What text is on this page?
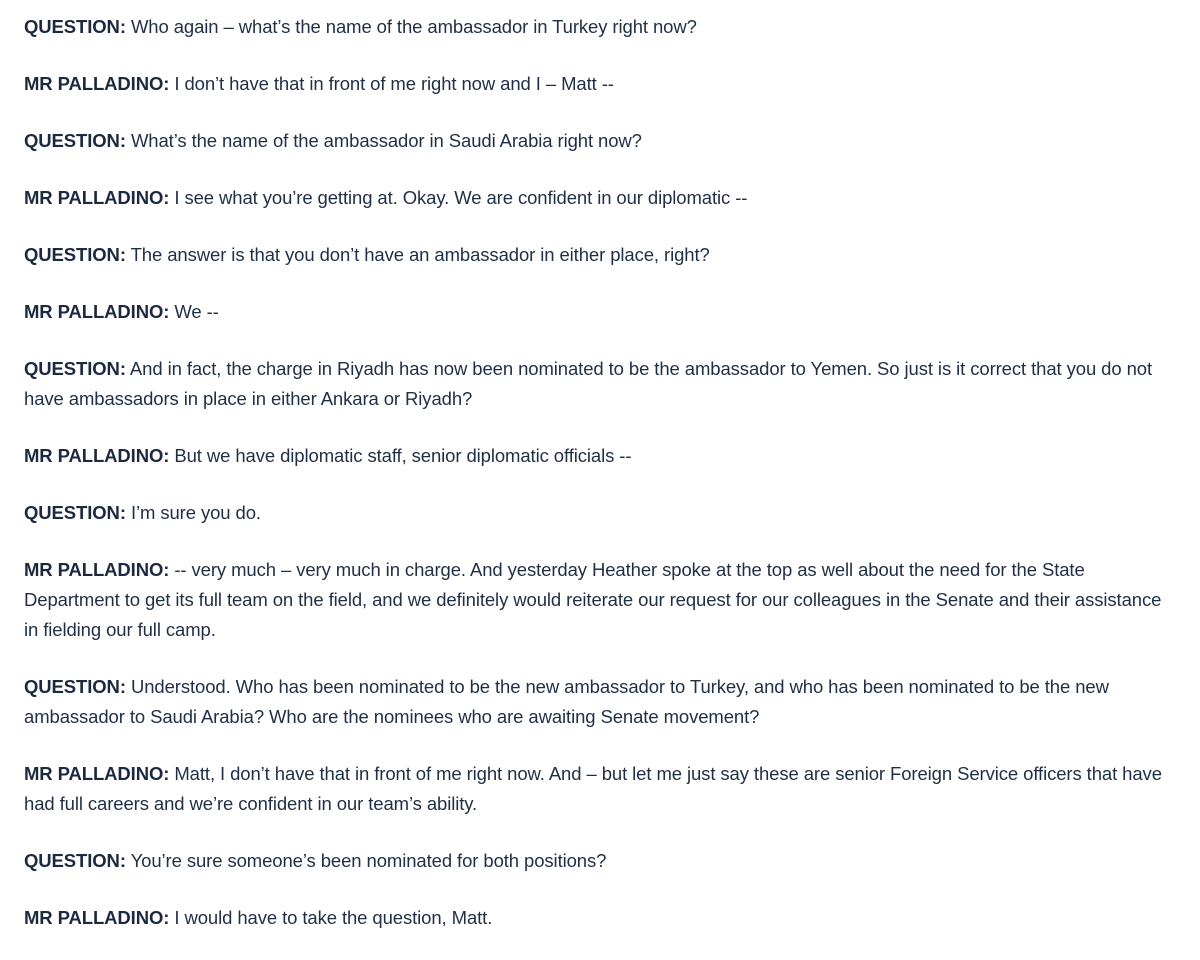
QUESTION: Who again – what’s the name of the ambassador in Turkey right now?

MR PALLADINO: I don’t have that in front of me right now and I – Matt --

QUESTION: What’s the name of the ambassador in Saudi Arabia right now?

MR PALLADINO: I see what you’re getting at. Okay. We are confident in our diplomatic --

QUESTION: The answer is that you don’t have an ambassador in either place, right?

MR PALLADINO: We --

QUESTION: And in fact, the charge in Riyadh has now been nominated to be the ambassador to Yemen. So just is it correct that you do not have ambassadors in place in either Ankara or Riyadh?

MR PALLADINO: But we have diplomatic staff, senior diplomatic officials --

QUESTION: I’m sure you do.

MR PALLADINO: -- very much – very much in charge. And yesterday Heather spoke at the top as well about the need for the State Department to get its full team on the field, and we definitely would reiterate our request for our colleagues in the Senate and their assistance in fielding our full camp.

QUESTION: Understood. Who has been nominated to be the new ambassador to Turkey, and who has been nominated to be the new ambassador to Saudi Arabia? Who are the nominees who are awaiting Senate movement?

MR PALLADINO: Matt, I don’t have that in front of me right now. And – but let me just say these are senior Foreign Service officers that have had full careers and we’re confident in our team’s ability.

QUESTION: You’re sure someone’s been nominated for both positions?

MR PALLADINO: I would have to take the question, Matt.
